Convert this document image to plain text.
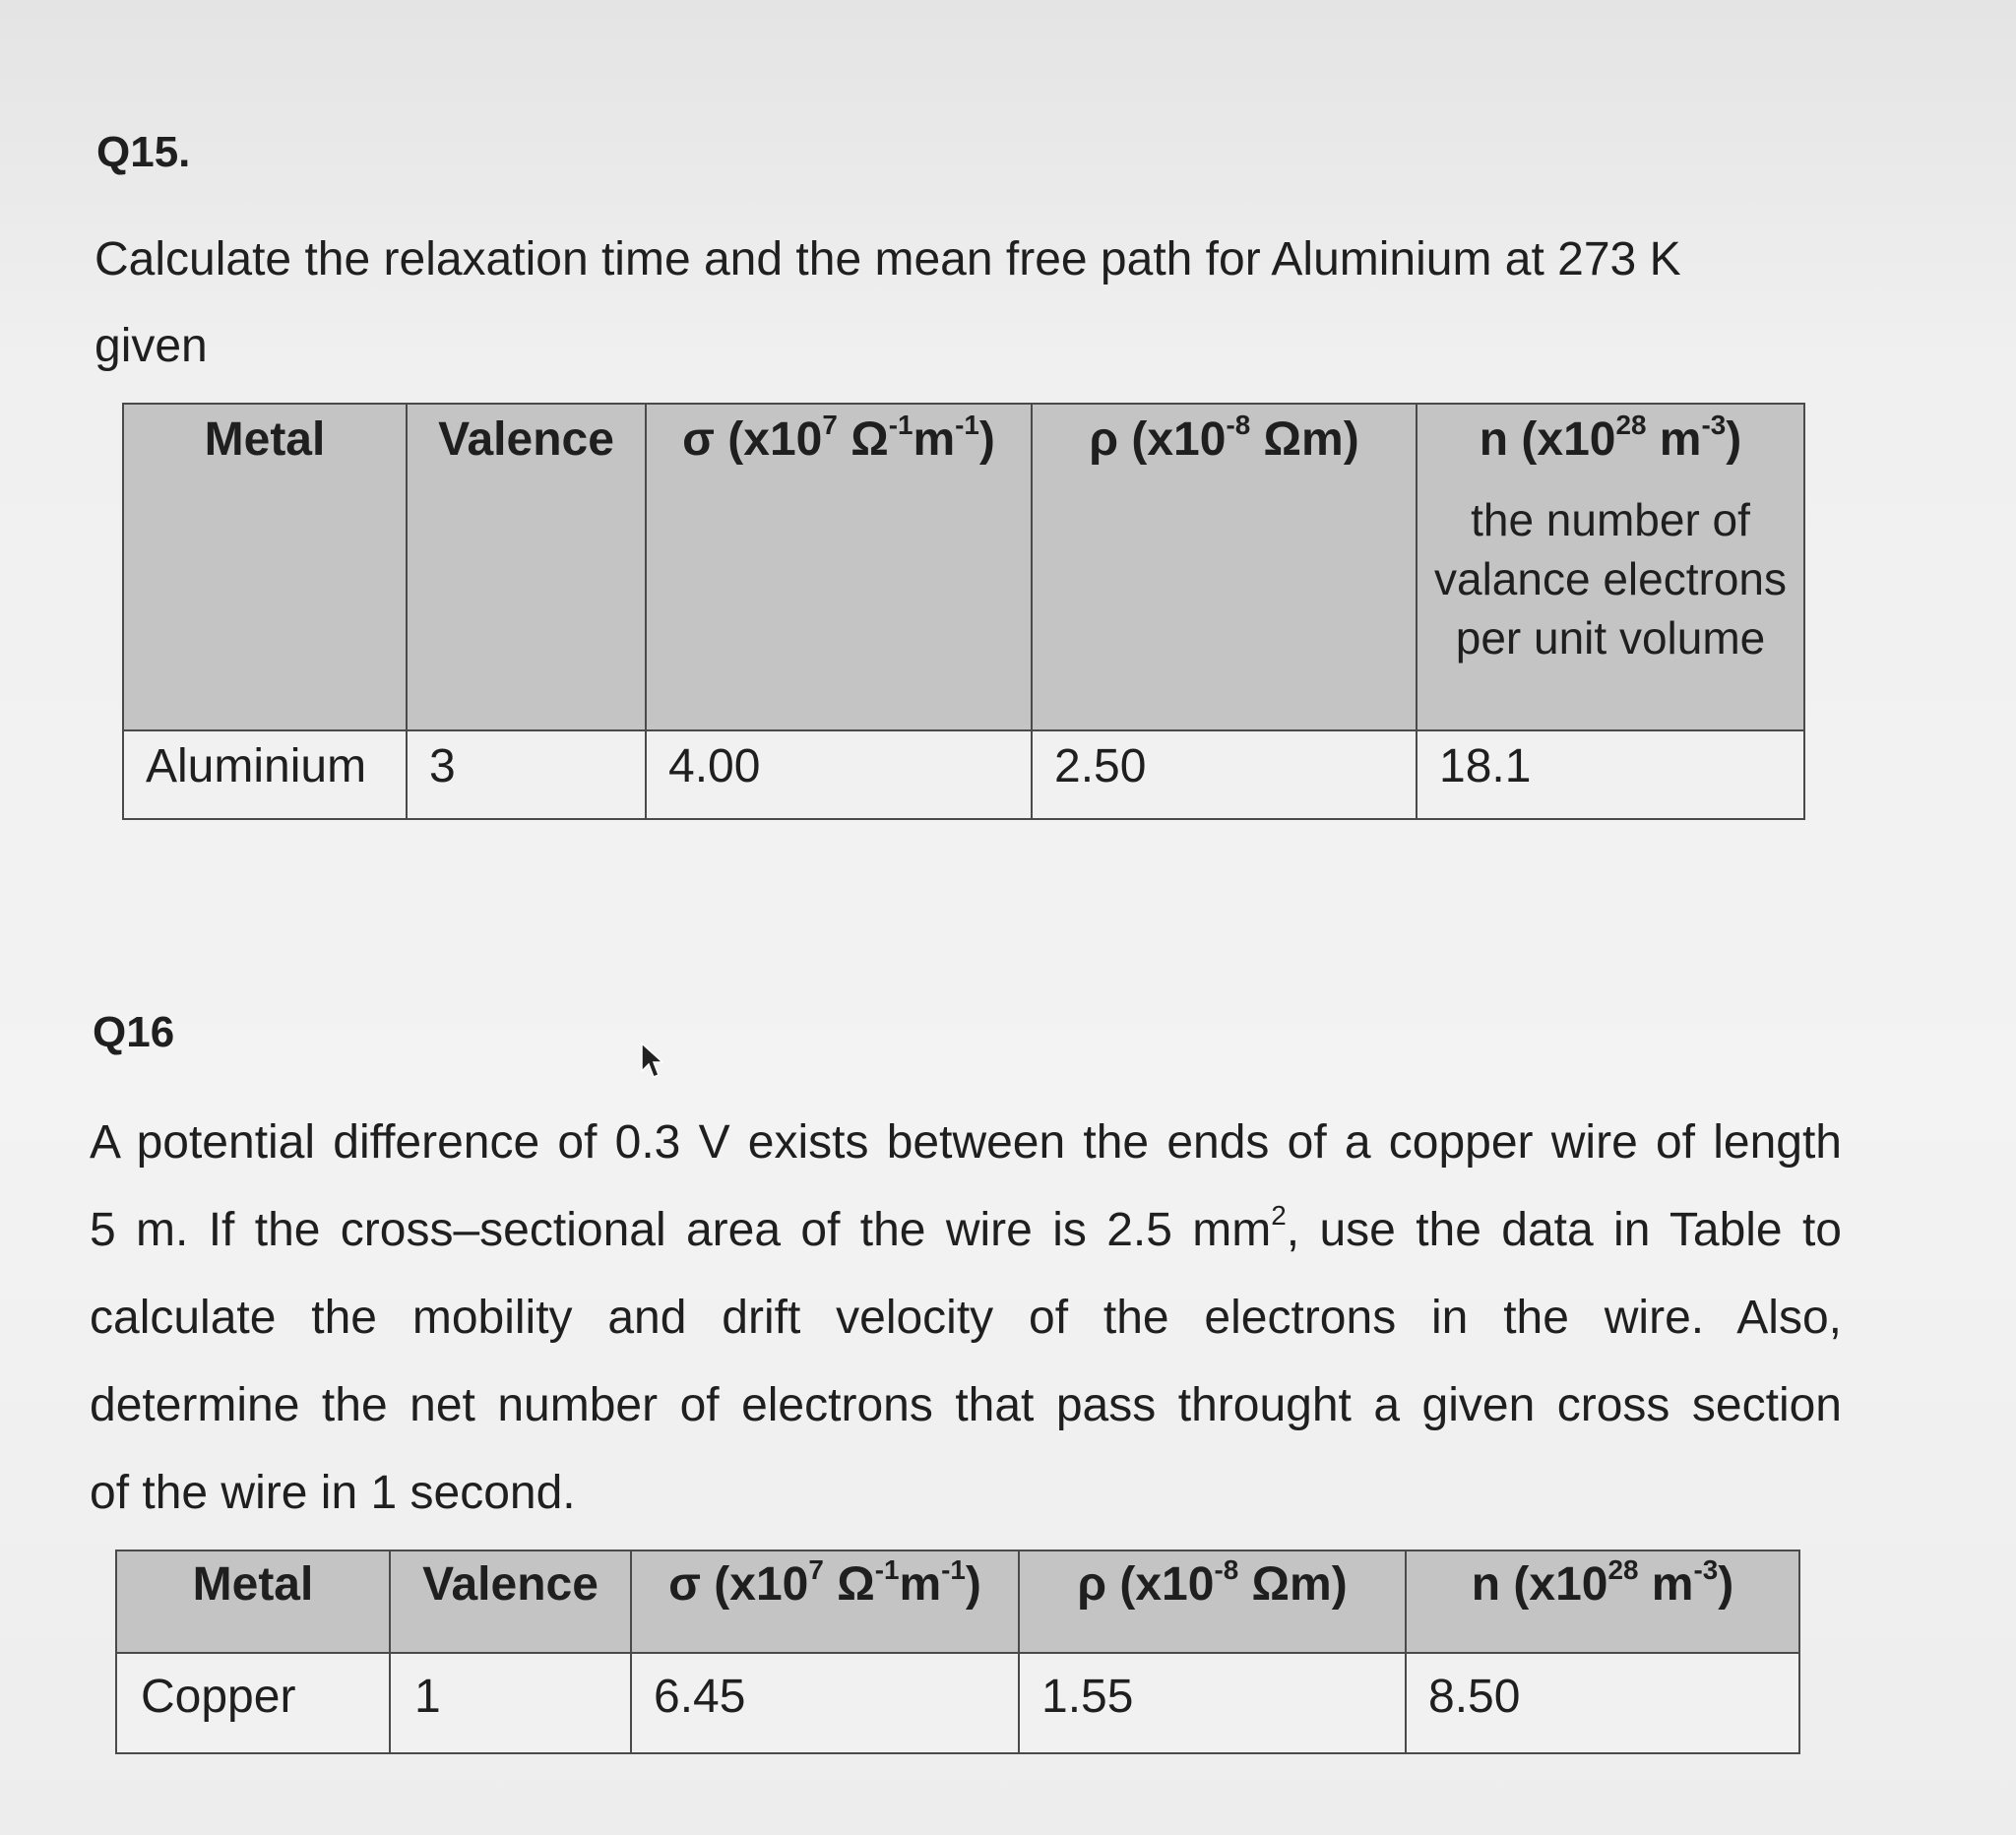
Q15.
Calculate the relaxation time and the mean free path for Aluminium at 273 K
given
Metal	Valence	σ ($x10^7$ $\Omega^{-1}m^{-1}$)	ρ ($x10^{-8}$ Ωm)	n ($x10^{28}$ $m^{-3}$)
the number of valance electrons per unit volume

Aluminium	3	4.00	2.50	18.1
Q16
A potential difference of 0.3 V exists between the ends of a copper wire of length
5 m. If the cross–sectional area of the wire is 2.5 $mm^2$, use the data in Table to
calculate the mobility and drift velocity of the electrons in the wire. Also,
determine the net number of electrons that pass throught a given cross section
of the wire in 1 second.
Metal	Valence	σ ($x10^7$ $\Omega^{-1}m^{-1}$)	ρ ($x10^{-8}$ Ωm)	n ($x10^{28}$ $m^{-3}$)
Copper	1	6.45	1.55	8.50
